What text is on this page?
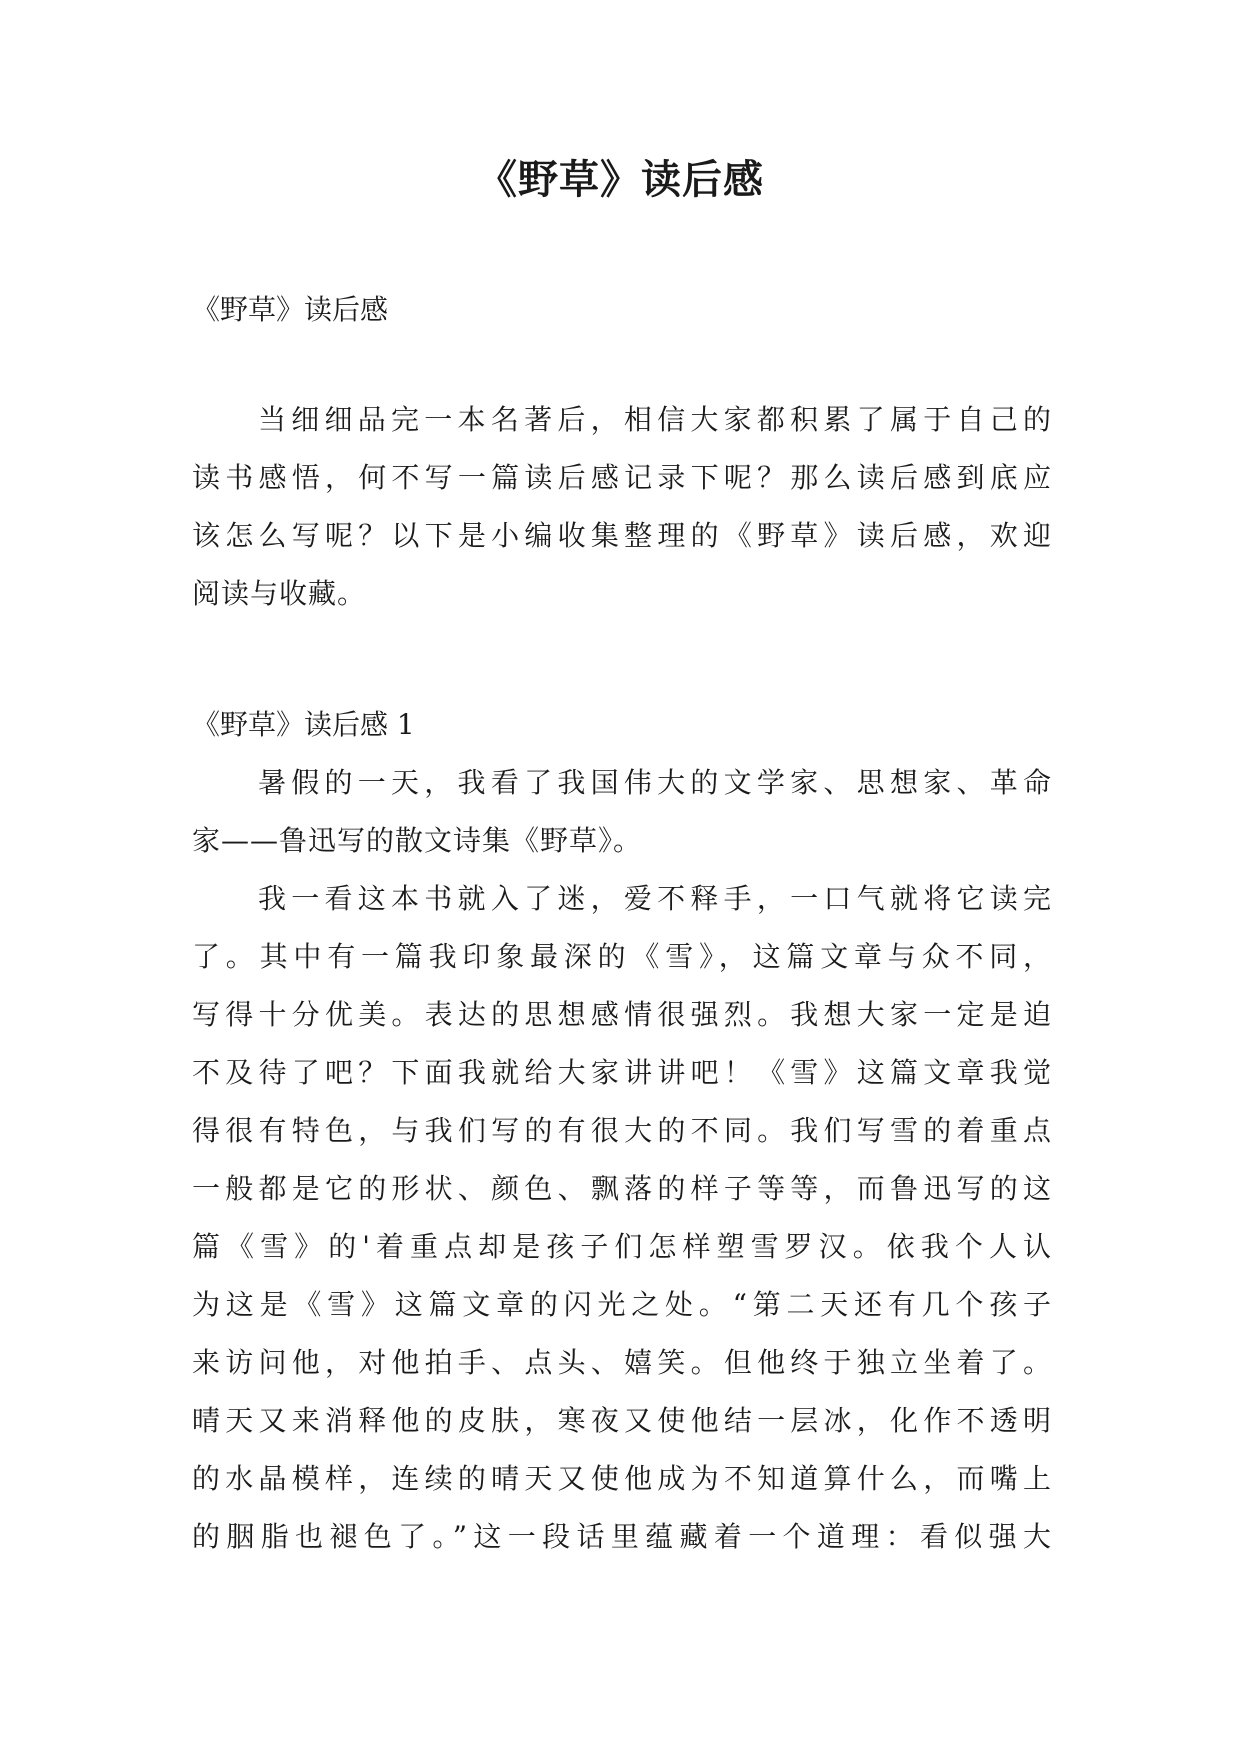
《野草》读后感

《野草》读后感

当细细品完一本名著后，相信大家都积累了属于自己的

读书感悟，何不写一篇读后感记录下呢？那么读后感到底应

该怎么写呢？以下是小编收集整理的《野草》读后感，欢迎

阅读与收藏。

《野草》读后感 1

暑假的一天，我看了我国伟大的文学家、思想家、革命

家——鲁迅写的散文诗集《野草》。

我一看这本书就入了迷，爱不释手，一口气就将它读完

了。其中有一篇我印象最深的《雪》，这篇文章与众不同，

写得十分优美。表达的思想感情很强烈。我想大家一定是迫

不及待了吧？下面我就给大家讲讲吧！《雪》这篇文章我觉

得很有特色，与我们写的有很大的不同。我们写雪的着重点

一般都是它的形状、颜色、飘落的样子等等，而鲁迅写的这

篇《雪》的'着重点却是孩子们怎样塑雪罗汉。依我个人认

为这是《雪》这篇文章的闪光之处。“第二天还有几个孩子

来访问他，对他拍手、点头、嬉笑。但他终于独立坐着了。

晴天又来消释他的皮肤，寒夜又使他结一层冰，化作不透明

的水晶模样，连续的晴天又使他成为不知道算什么，而嘴上

的胭脂也褪色了。”这一段话里蕴藏着一个道理：看似强大
